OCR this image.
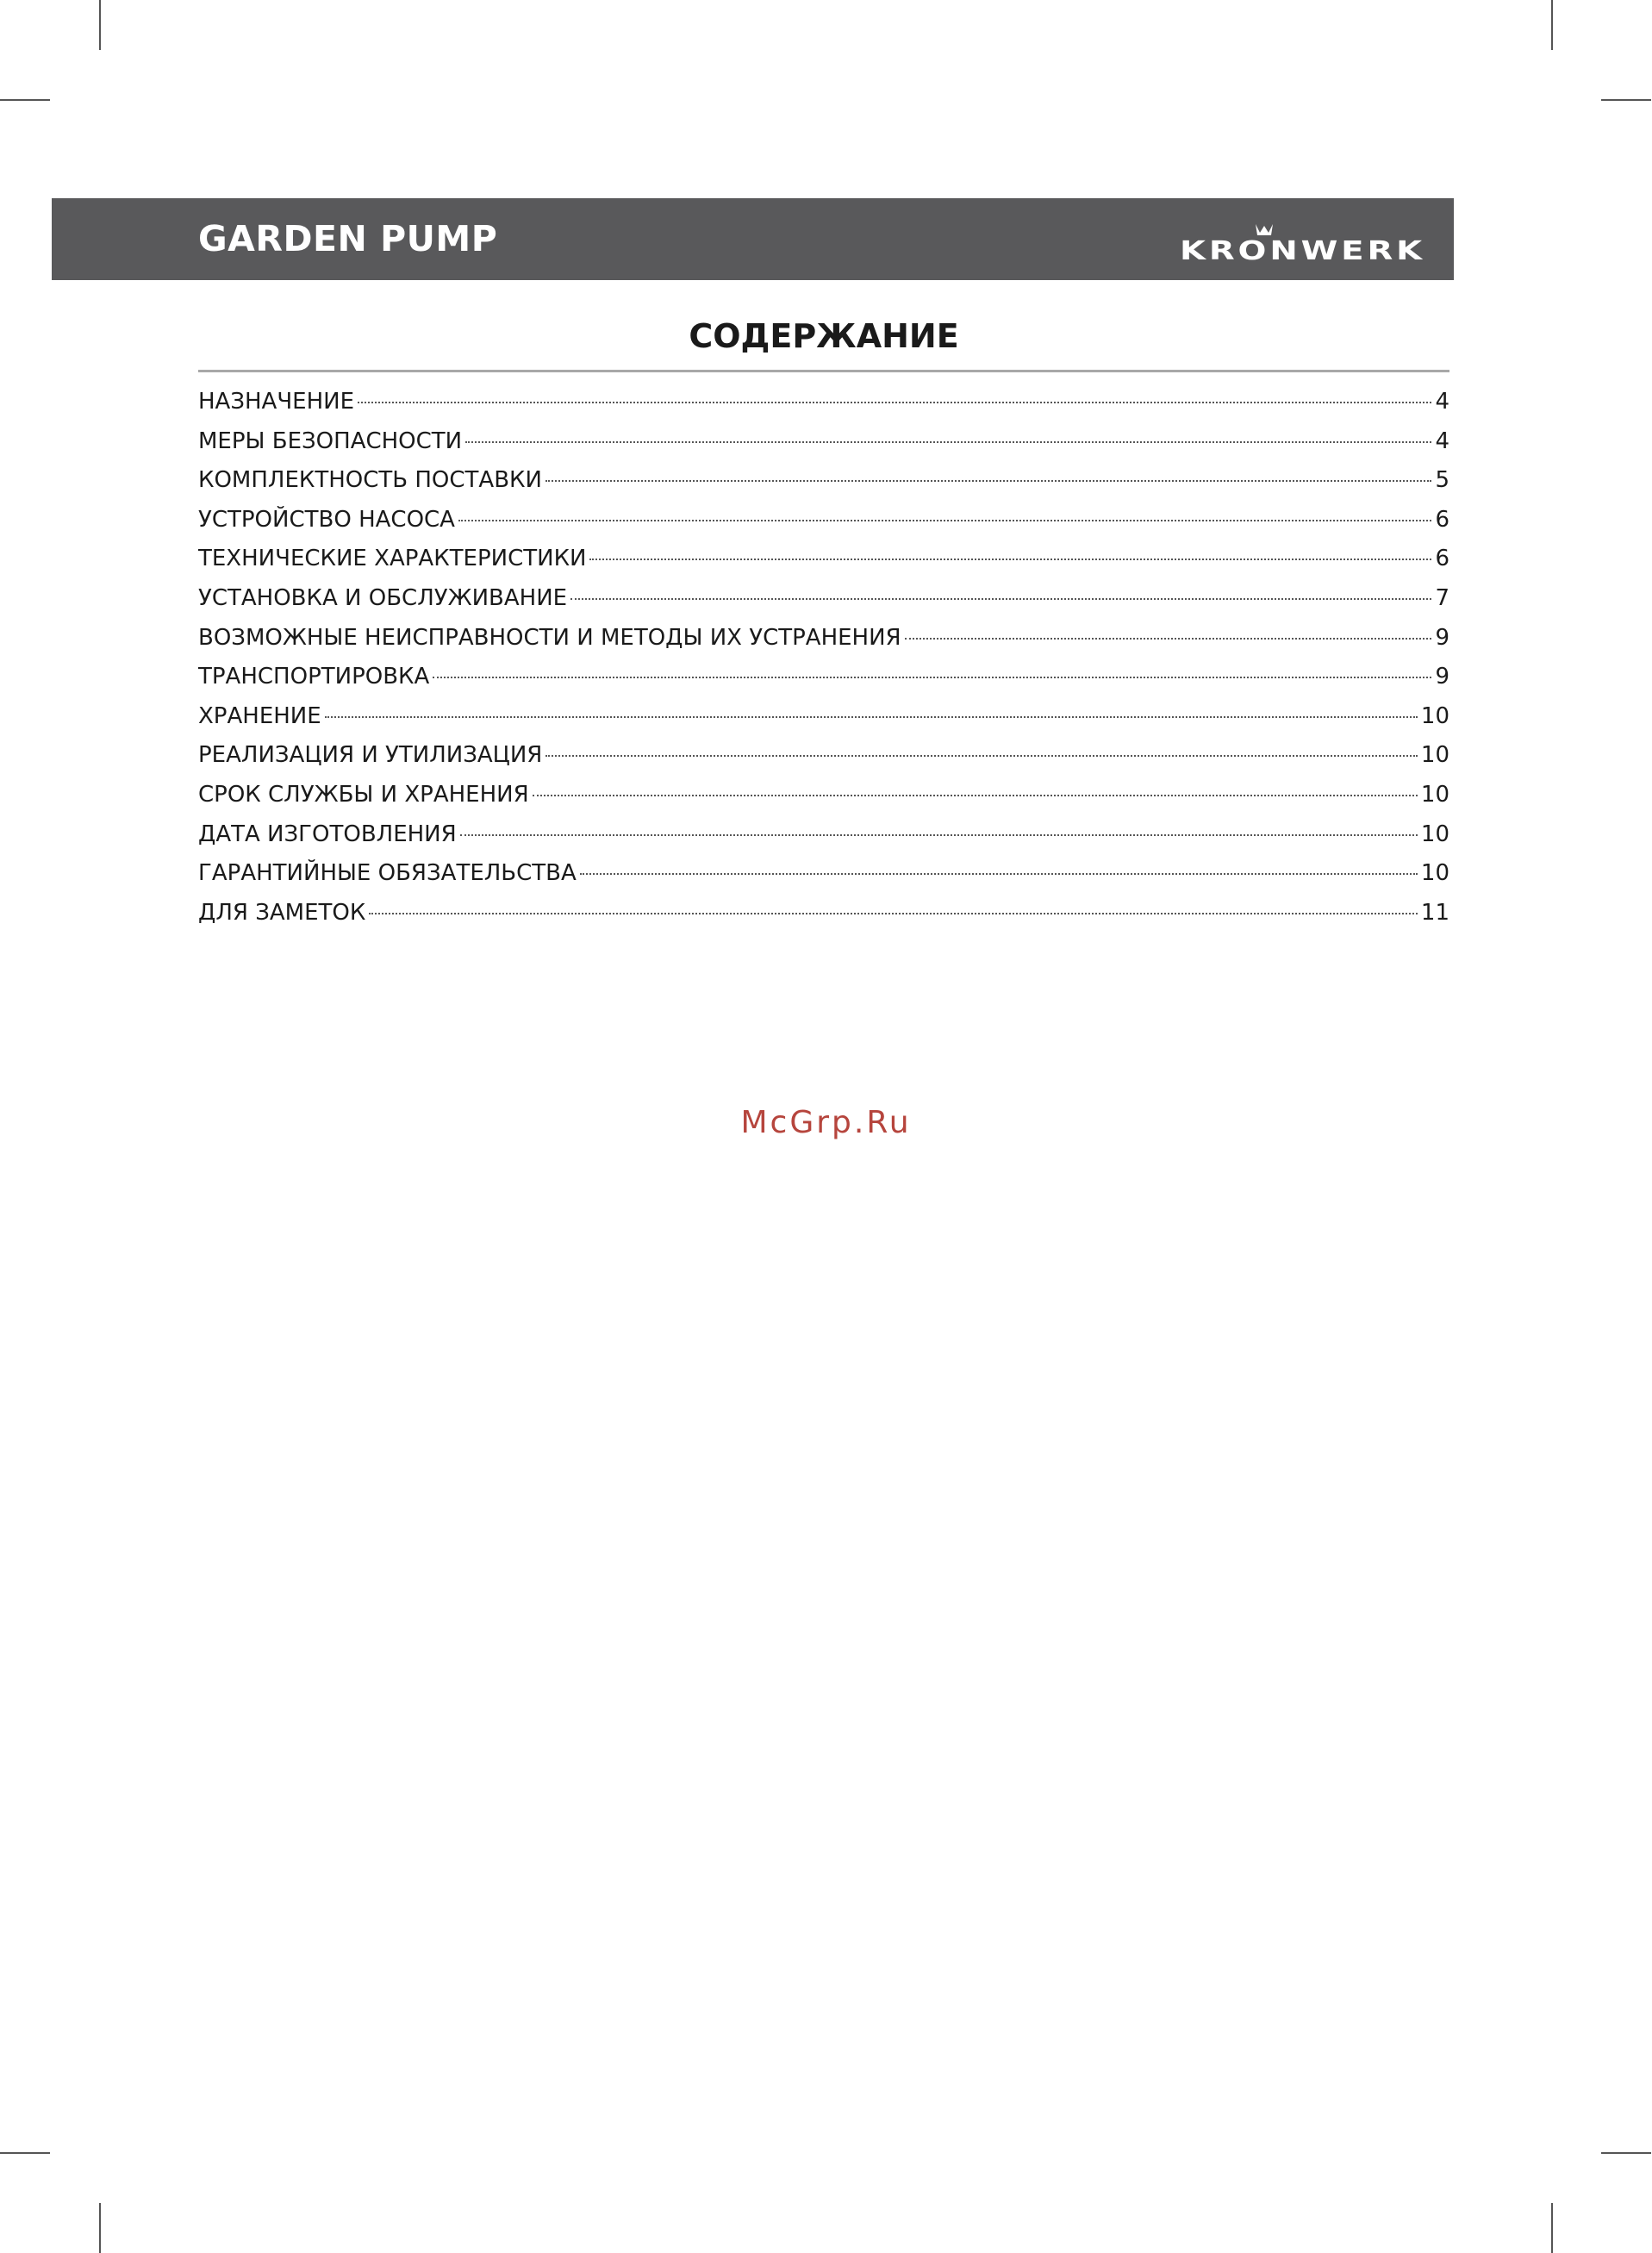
GARDEN PUMP	KRONWERK
СОДЕРЖАНИЕ
НАЗНАЧЕНИЕ	4
МЕРЫ БЕЗОПАСНОСТИ	4
КОМПЛЕКТНОСТЬ ПОСТАВКИ	5
УСТРОЙСТВО НАСОСА	6
ТЕХНИЧЕСКИЕ ХАРАКТЕРИСТИКИ	6
УСТАНОВКА И ОБСЛУЖИВАНИЕ	7
ВОЗМОЖНЫЕ НЕИСПРАВНОСТИ И МЕТОДЫ ИХ УСТРАНЕНИЯ	9
ТРАНСПОРТИРОВКА	9
ХРАНЕНИЕ	10
РЕАЛИЗАЦИЯ И УТИЛИЗАЦИЯ	10
СРОК СЛУЖБЫ И ХРАНЕНИЯ	10
ДАТА ИЗГОТОВЛЕНИЯ	10
ГАРАНТИЙНЫЕ ОБЯЗАТЕЛЬСТВА	10
ДЛЯ ЗАМЕТОК	11
McGrp.Ru
